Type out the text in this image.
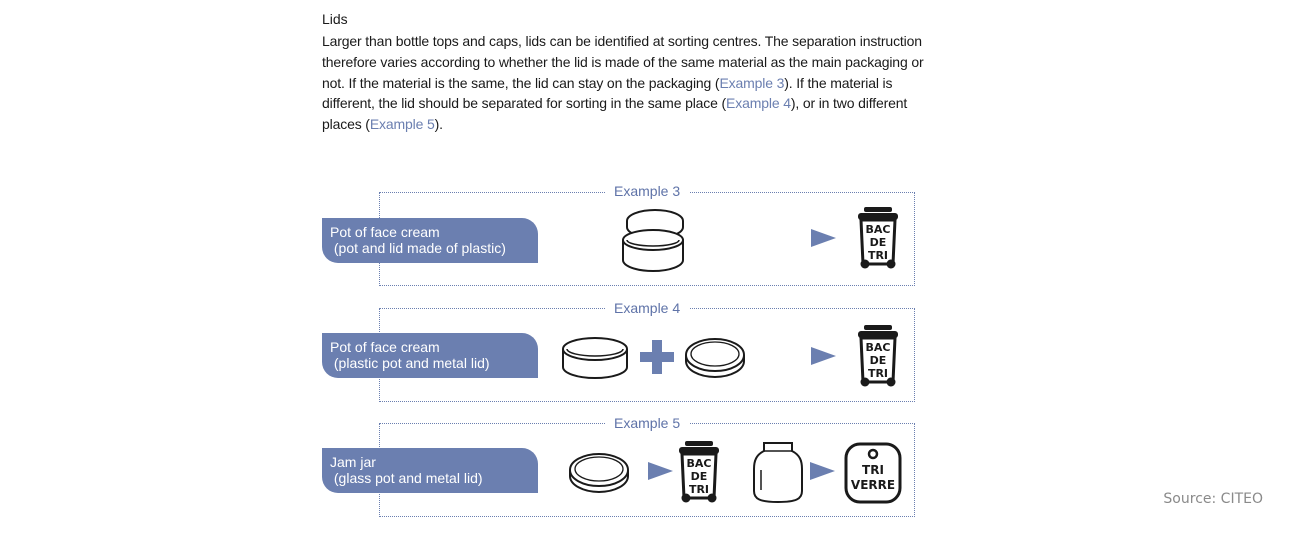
Lids
Larger than bottle tops and caps, lids can be identified at sorting centres. The separation instruction therefore varies according to whether the lid is made of the same material as the main packaging or not. If the material is the same, the lid can stay on the packaging (Example 3). If the material is different, the lid should be separated for sorting in the same place (Example 4), or in two different places (Example 5).
Example 3
Pot of face cream
(pot and lid made of plastic)
BAC
DE
TRI
Example 4
Pot of face cream
(plastic pot and metal lid)
BAC
DE
TRI
Example 5
Jam jar
(glass pot and metal lid)
BAC
DE
TRI
TRI
VERRE
Source: CITEO
